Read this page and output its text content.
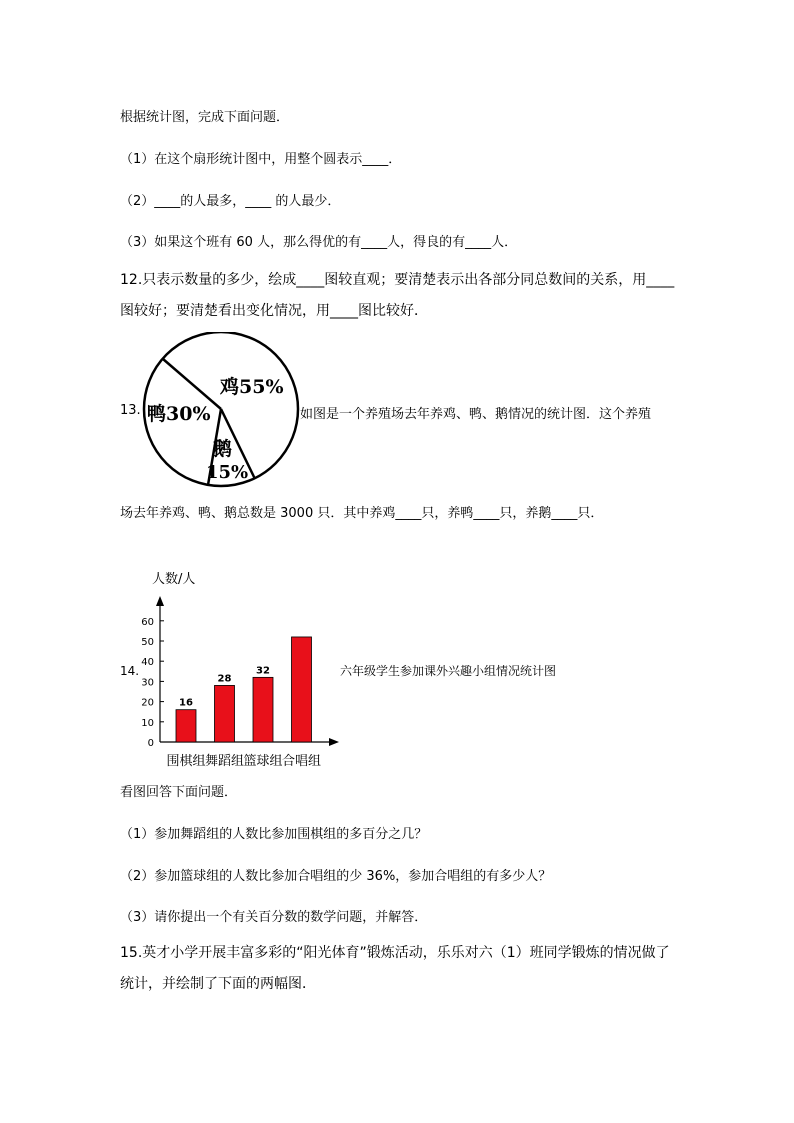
根据统计图，完成下面问题．
（1）在这个扇形统计图中，用整个圆表示____．
（2）____的人最多，____ 的人最少．
（3）如果这个班有 60 人，那么得优的有____人，得良的有____人．
12.只表示数量的多少，绘成____图较直观；要清楚表示出各部分同总数间的关系，用____
图较好；要清楚看出变化情况，用____图比较好．
13.
鸡55%
鸭30%
鹅
15%
如图是一个养殖场去年养鸡、鸭、鹅情况的统计图．这个养殖
场去年养鸡、鸭、鹅总数是 3000 只．其中养鸡____只，养鸭____只，养鹅____只．
14.
人数/人
0
10
20
30
40
50
60
16
围棋组
28
舞蹈组
32
篮球组 合唱组
六年级学生参加课外兴趣小组情况统计图
看图回答下面问题．
（1）参加舞蹈组的人数比参加围棋组的多百分之几？
（2）参加篮球组的人数比参加合唱组的少 36%，参加合唱组的有多少人？
（3）请你提出一个有关百分数的数学问题，并解答．
15.英才小学开展丰富多彩的“阳光体育”锻炼活动，乐乐对六（1）班同学锻炼的情况做了
统计，并绘制了下面的两幅图．
